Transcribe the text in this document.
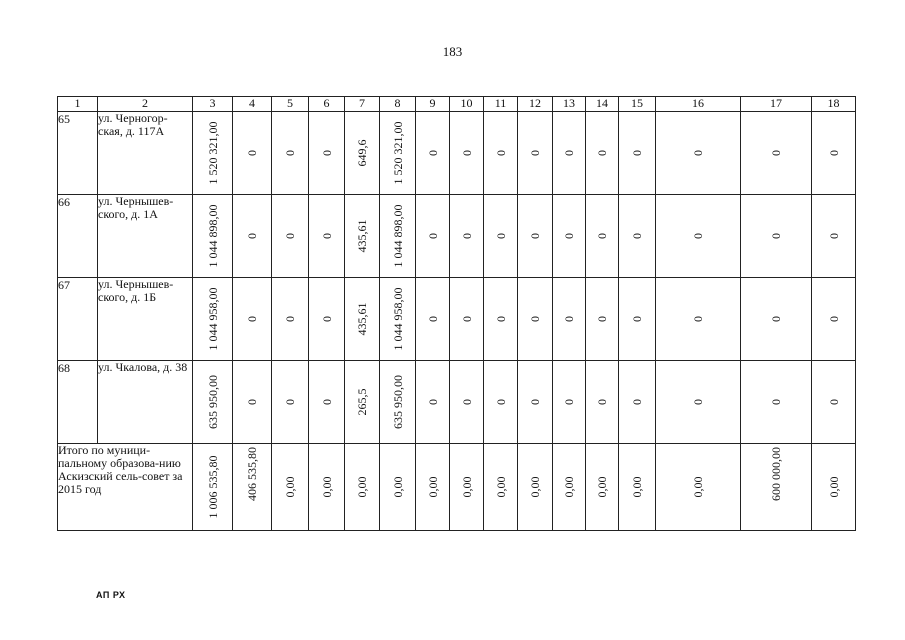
183
1	2	3	4	5	6	7	8	9	10	11	12	13	14	15	16	17	18
65	ул. Черногор-ская, д. 117А	1 520 321,00	0	0	0	649,6	1 520 321,00	0	0	0	0	0	0	0	0	0	0

66	ул. Чернышев-ского, д. 1А	1 044 898,00	0	0	0	435,61	1 044 898,00	0	0	0	0	0	0	0	0	0	0

67	ул. Чернышев-ского, д. 1Б	1 044 958,00	0	0	0	435,61	1 044 958,00	0	0	0	0	0	0	0	0	0	0

68	ул. Чкалова, д. 38	635 950,00	0	0	0	265,5	635 950,00	0	0	0	0	0	0	0	0	0	0

Итого по муници-пальному образова-нию Аскизский сель-совет за 2015 год		1 006 535,80	406 535,80	0,00	0,00	0,00	0,00	0,00	0,00	0,00	0,00	0,00	0,00	0,00	0,00	600 000,00	0,00
АП РХ
